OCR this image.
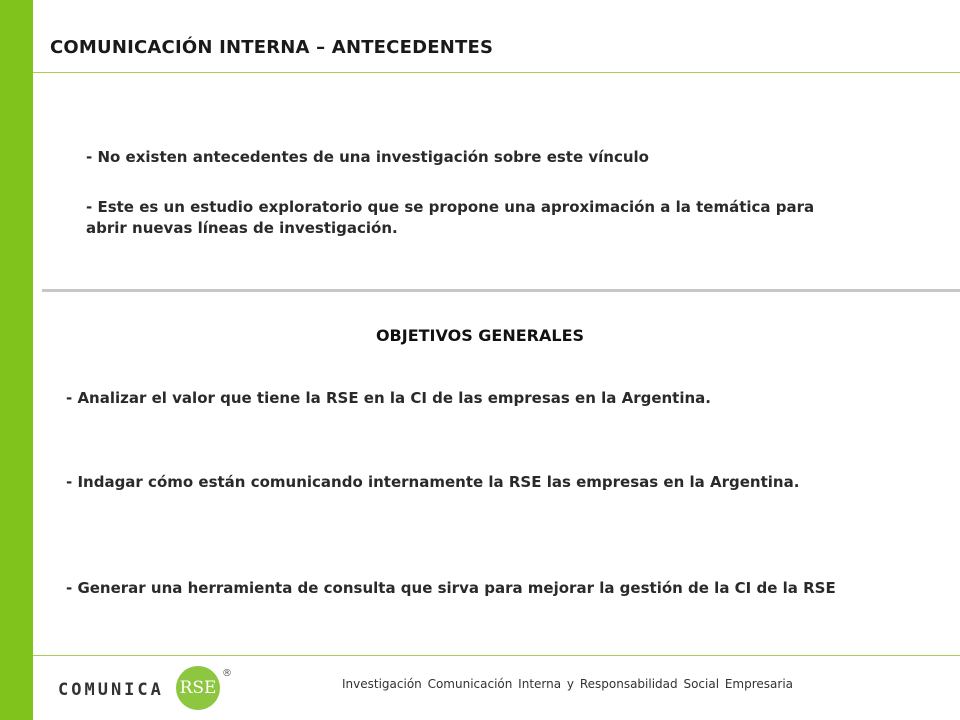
COMUNICACIÓN INTERNA – ANTECEDENTES
- No existen antecedentes de una investigación sobre este vínculo
- Este es un estudio exploratorio que se propone una aproximación a la temática para
abrir nuevas líneas de investigación.
OBJETIVOS GENERALES
- Analizar el valor que tiene la RSE en la CI de las empresas en la Argentina.
- Indagar cómo están comunicando internamente la RSE las empresas en la Argentina.
- Generar una herramienta de consulta que sirva para mejorar la gestión de la CI de la RSE
COMUNICA RSE
®
Investigación Comunicación Interna y Responsabilidad Social Empresaria
